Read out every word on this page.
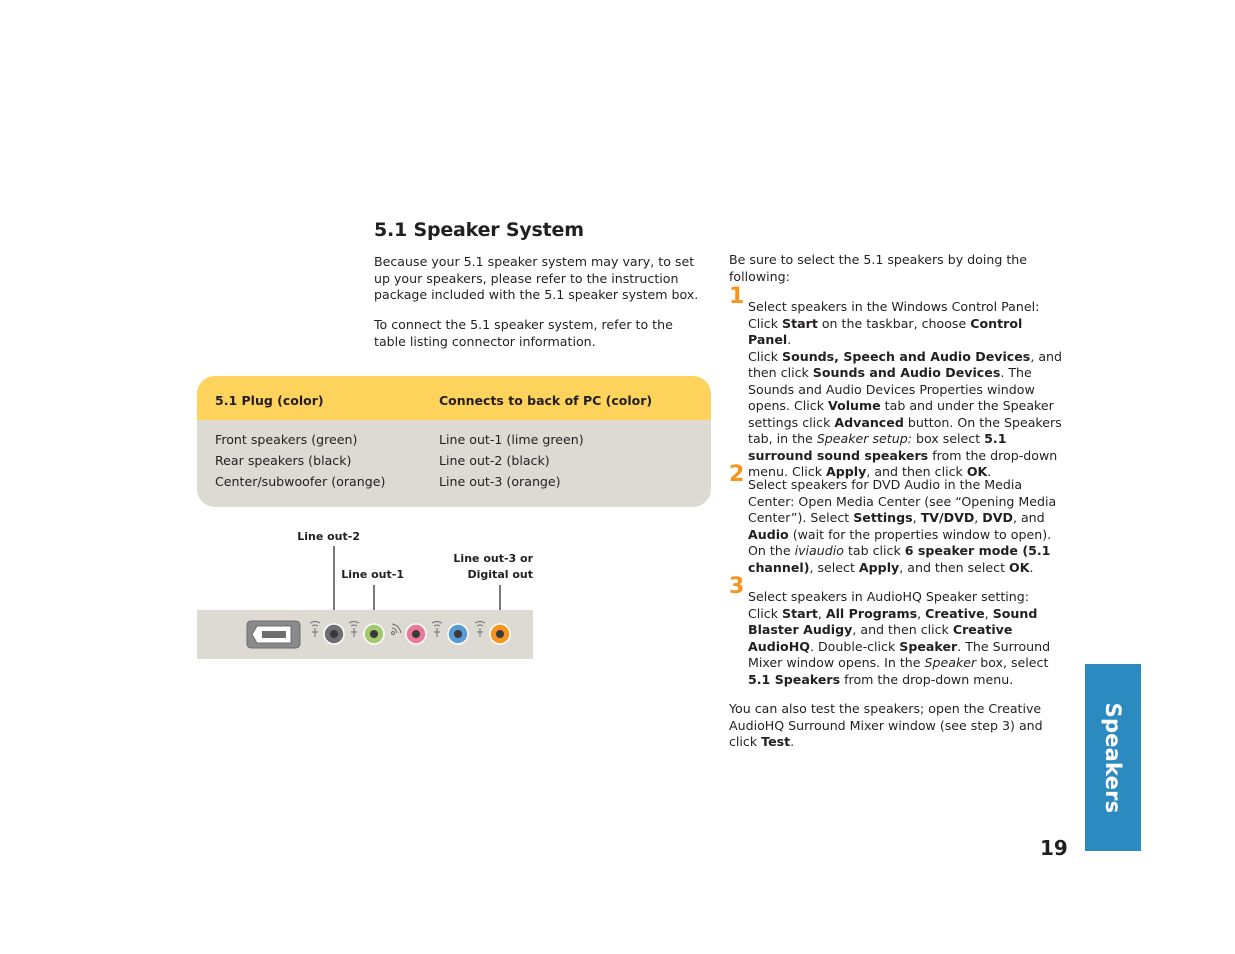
5.1 Speaker System
Because your 5.1 speaker system may vary, to set up your speakers, please refer to the instruction package included with the 5.1 speaker system box.
To connect the 5.1 speaker system, refer to the table listing connector information.
5.1 Plug (color)	Connects to back of PC (color)
Front speakers (green)	Line out-1 (lime green)
Rear speakers (black)	Line out-2 (black)
Center/subwoofer (orange)	Line out-3 (orange)
Line out-2
Line out-1
Line out-3 or
Digital out
Be sure to select the 5.1 speakers by doing the following:
1 Select speakers in the Windows Control Panel:
Click Start on the taskbar, choose Control Panel.
Click Sounds, Speech and Audio Devices, and then click Sounds and Audio Devices. The Sounds and Audio Devices Properties window opens. Click Volume tab and under the Speaker settings click Advanced button. On the Speakers tab, in the Speaker setup: box select 5.1 surround sound speakers from the drop-down menu. Click Apply, and then click OK.
2 Select speakers for DVD Audio in the Media Center: Open Media Center (see “Opening Media Center”). Select Settings, TV/DVD, DVD, and Audio (wait for the properties window to open). On the iviaudio tab click 6 speaker mode (5.1 channel), select Apply, and then select OK.
3 Select speakers in AudioHQ Speaker setting:
Click Start, All Programs, Creative, Sound Blaster Audigy, and then click Creative AudioHQ. Double-click Speaker. The Surround Mixer window opens. In the Speaker box, select 5.1 Speakers from the drop-down menu.
You can also test the speakers; open the Creative AudioHQ Surround Mixer window (see step 3) and click Test.	Speakers
19
